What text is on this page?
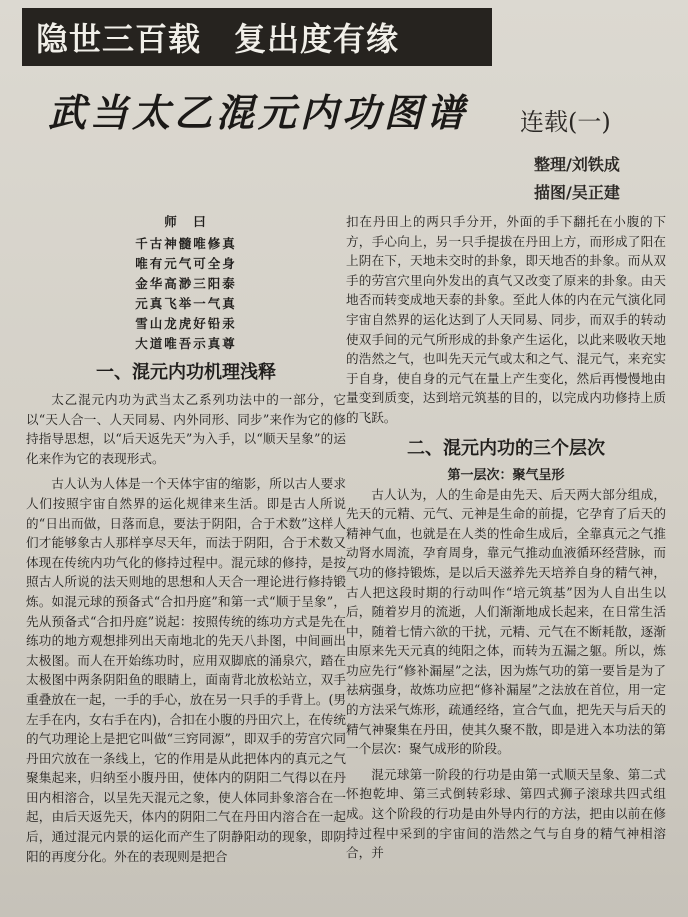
隐世三百载　复出度有缘
武当太乙混元内功图谱 连载(一)
整理/刘铁成
描图/吴正建
师　曰
千古神髓唯修真
唯有元气可全身
金华高渺三阳泰
元真飞举一气真
雪山龙虎好铅汞
大道唯吾示真尊
一、混元内功机理浅释

太乙混元内功为武当太乙系列功法中的一部分，它以“天人合一、人天同易、内外同形、同步”来作为它的修持指导思想，以“后天返先天”为入手，以“顺天呈象”的运化来作为它的表现形式。

古人认为人体是一个天体宇宙的缩影，所以古人要求人们按照宇宙自然界的运化规律来生活。即是古人所说的“日出而做，日落而息，要法于阴阳，合于术数”这样人们才能够象古人那样享尽天年，而法于阴阳，合于术数又体现在传统内功气化的修持过程中。混元球的修持，是按照古人所说的法天则地的思想和人天合一理论进行修持锻炼。如混元球的预备式“合扣丹庭”和第一式“顺于呈象”，先从预备式“合扣丹庭”说起：按照传统的练功方式是先在练功的地方观想排列出天南地北的先天八卦图，中间画出太极图。而人在开始练功时，应用双脚底的涌泉穴，踏在太极图中两条阴阳鱼的眼睛上，面南背北放松站立，双手重叠放在一起，一手的手心，放在另一只手的手背上。(男左手在内，女右手在内)，合扣在小腹的丹田穴上，在传统的气功理论上是把它叫做“三窍同源”，即双手的劳宫穴同丹田穴放在一条线上，它的作用是从此把体内的真元之气聚集起来，归纳至小腹丹田，使体内的阴阳二气得以在丹田内相溶合，以呈先天混元之象，使人体同卦象溶合在一起，由后天返先天，体内的阴阳二气在丹田内溶合在一起后，通过混元内景的运化而产生了阴静阳动的现象，即阴阳的再度分化。外在的表现则是把合

扣在丹田上的两只手分开，外面的手下翻托在小腹的下方，手心向上，另一只手提拔在丹田上方，而形成了阳在上阴在下，天地未交时的卦象，即天地否的卦象。而从双手的劳宫穴里向外发出的真气又改变了原来的卦象。由天地否而转变成地天泰的卦象。至此人体的内在元气演化同宇宙自然界的运化达到了人天同易、同步，而双手的转动使双手间的元气所形成的卦象产生运化，以此来吸收天地的浩然之气，也叫先天元气或太和之气、混元气，来充实于自身，使自身的元气在量上产生变化，然后再慢慢地由量变到质变，达到培元筑基的目的，以完成内功修持上质的飞跃。

二、混元内功的三个层次
第一层次：聚气呈形

古人认为，人的生命是由先天、后天两大部分组成，先天的元精、元气、元神是生命的前提，它孕育了后天的精神气血，也就是在人类的性命生成后，全靠真元之气推动肾水周流，孕育周身，靠元气推动血液循环经营脉，而气功的修持锻炼，是以后天滋养先天培养自身的精气神，古人把这段时期的行动叫作“培元筑基”因为人自出生以后，随着岁月的流逝，人们渐渐地成长起来，在日常生活中，随着七情六欲的干扰，元精、元气在不断耗散，逐渐由原来先天元真的纯阳之体，而转为五漏之躯。所以，炼功应先行“修补漏屋”之法，因为炼气功的第一要旨是为了祛病强身，故炼功应把“修补漏屋”之法放在首位，用一定的方法采气炼形，疏通经络，宣合气血，把先天与后天的精气神聚集在丹田，使其久聚不散，即是进入本功法的第一个层次：聚气成形的阶段。

混元球第一阶段的行功是由第一式顺天呈象、第二式怀抱乾坤、第三式倒转彩球、第四式狮子滚球共四式组成。这个阶段的行功是由外导内行的方法，把由以前在修持过程中采到的宇宙间的浩然之气与自身的精气神相溶合，并
